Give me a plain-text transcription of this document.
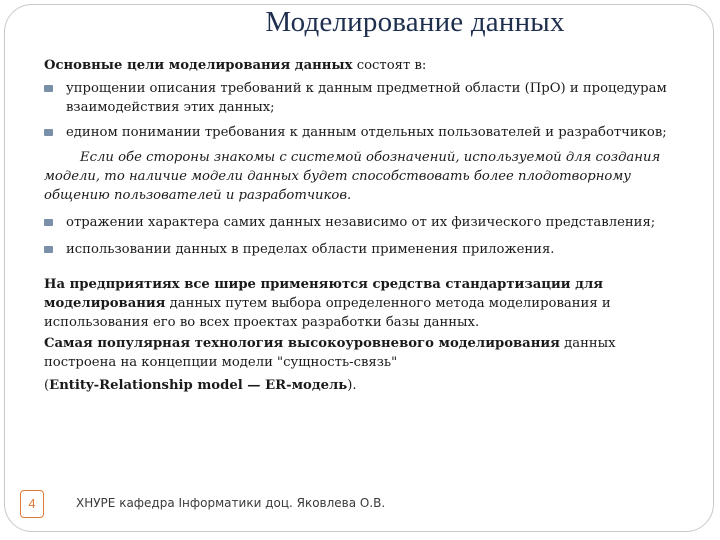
Моделирование данных

Основные цели моделирования данных состоят в:

упрощении описания требований к данным предметной области (ПрО) и процедурам взаимодействия этих данных;
едином понимании требования к данным отдельных пользователей и разработчиков;

Если обе стороны знакомы с системой обозначений, используемой для создания модели, то наличие модели данных будет способствовать более плодотворному общению пользователей и разработчиков.

отражении характера самих данных независимо от их физического представления;
использовании данных в пределах области применения приложения.

На предприятиях все шире применяются средства стандартизации для моделирования данных путем выбора определенного метода моделирования и использования его во всех проектах разработки базы данных.

Самая популярная технология высокоуровневого моделирования данных построена на концепции модели "сущность-связь"

(Entity-Relationship model — ER-модель).

4	ХНУРЕ кафедра Інформатики доц. Яковлева О.В.
